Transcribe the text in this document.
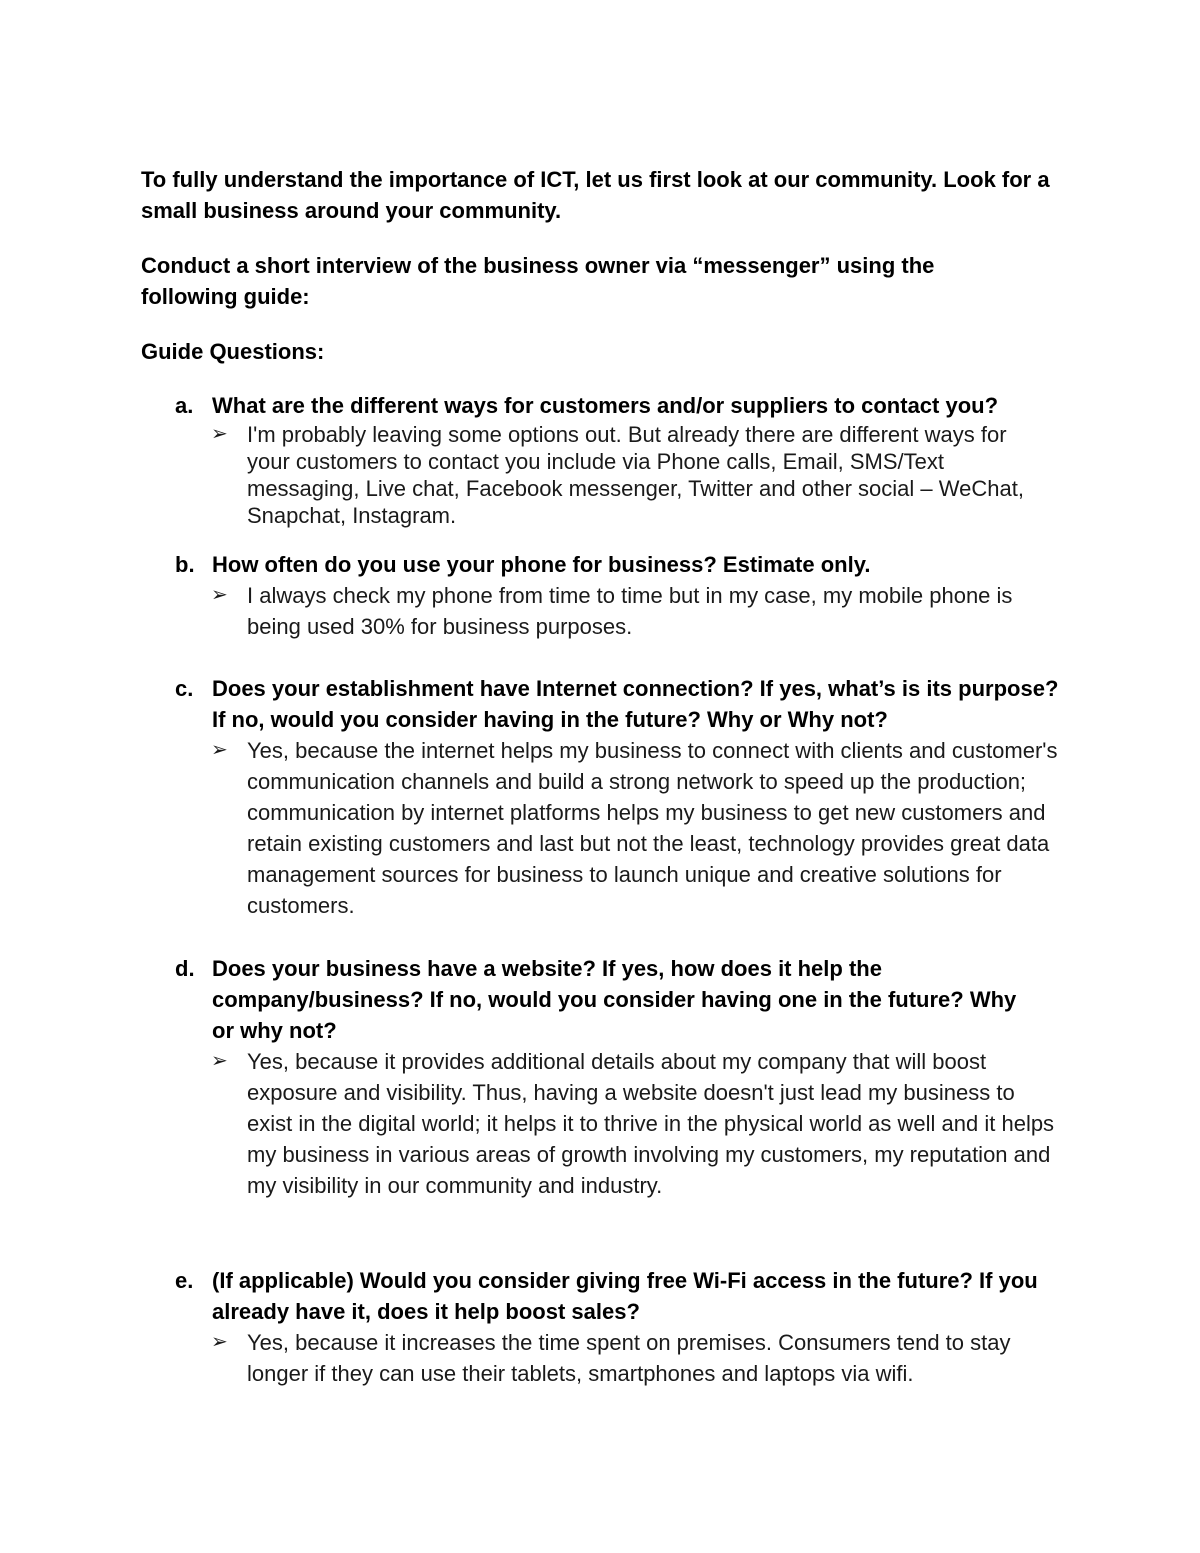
To fully understand the importance of ICT, let us first look at our community. Look for a small business around your community.

Conduct a short interview of the business owner via “messenger” using the following guide:

Guide Questions:

a. What are the different ways for customers and/or suppliers to contact you?
➢ I'm probably leaving some options out. But already there are different ways for your customers to contact you include via Phone calls, Email, SMS/Text messaging, Live chat, Facebook messenger, Twitter and other social – WeChat, Snapchat, Instagram.
b. How often do you use your phone for business? Estimate only.
➢ I always check my phone from time to time but in my case, my mobile phone is being used 30% for business purposes.
c. Does your establishment have Internet connection? If yes, what’s is its purpose? If no, would you consider having in the future? Why or Why not?
➢ Yes, because the internet helps my business to connect with clients and customer's communication channels and build a strong network to speed up the production; communication by internet platforms helps my business to get new customers and retain existing customers and last but not the least, technology provides great data management sources for business to launch unique and creative solutions for customers.
d. Does your business have a website? If yes, how does it help the company/business? If no, would you consider having one in the future? Why or why not?
➢ Yes, because it provides additional details about my company that will boost exposure and visibility. Thus, having a website doesn't just lead my business to exist in the digital world; it helps it to thrive in the physical world as well and it helps my business in various areas of growth involving my customers, my reputation and my visibility in our community and industry.
e. (If applicable) Would you consider giving free Wi-Fi access in the future? If you already have it, does it help boost sales?
➢ Yes, because it increases the time spent on premises. Consumers tend to stay longer if they can use their tablets, smartphones and laptops via wifi.
